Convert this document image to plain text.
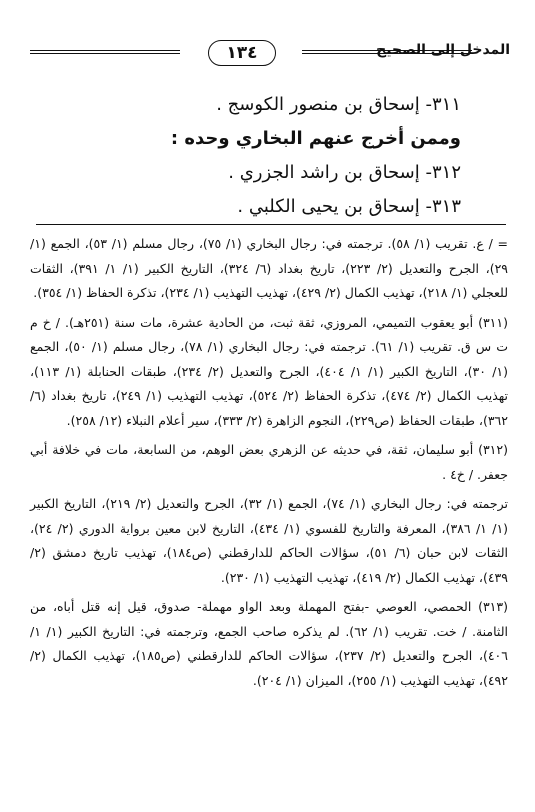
١٣٤	المدخل إلى الصحيح
٣١١- إسحاق بن منصور الكوسج .
وممن أخرج عنهم البخاري وحده :
٣١٢- إسحاق بن راشد الجزري .
٣١٣- إسحاق بن يحيى الكلبي .

= / ع. تقريب (١/ ٥٨). ترجمته في: رجال البخاري (١/ ٧٥)، رجال مسلم (١/ ٥٣)، الجمع (١/ ٢٩)، الجرح والتعديل (٢/ ٢٢٣)، تاريخ بغداد (٦/ ٣٢٤)، التاريخ الكبير (١/ ١/ ٣٩١)، الثقات للعجلي (١/ ٢١٨)، تهذيب الكمال (٢/ ٤٢٩)، تهذيب التهذيب (١/ ٢٣٤)، تذكرة الحفاظ (١/ ٣٥٤).

(٣١١) أبو يعقوب التميمي، المروزي، ثقة ثبت، من الحادية عشرة، مات سنة (٢٥١هـ). / خ م ت س ق. تقريب (١/ ٦١). ترجمته في: رجال البخاري (١/ ٧٨)، رجال مسلم (١/ ٥٠)، الجمع (١/ ٣٠)، التاريخ الكبير (١/ ١/ ٤٠٤)، الجرح والتعديل (٢/ ٢٣٤)، طبقات الحنابلة (١/ ١١٣)، تهذيب الكمال (٢/ ٤٧٤)، تذكرة الحفاظ (٢/ ٥٢٤)، تهذيب التهذيب (١/ ٢٤٩)، تاريخ بغداد (٦/ ٣٦٢)، طبقات الحفاظ (ص٢٢٩)، النجوم الزاهرة (٢/ ٣٣٣)، سير أعلام النبلاء (١٢/ ٢٥٨).

(٣١٢) أبو سليمان، ثقة، في حديثه عن الزهري بعض الوهم، من السابعة، مات في خلافة أبي جعفر. / خ٤ .

ترجمته في: رجال البخاري (١/ ٧٤)، الجمع (١/ ٣٢)، الجرح والتعديل (٢/ ٢١٩)، التاريخ الكبير (١/ ١/ ٣٨٦)، المعرفة والتاريخ للفسوي (١/ ٤٣٤)، التاريخ لابن معين برواية الدوري (٢/ ٢٤)، الثقات لابن حبان (٦/ ٥١)، سؤالات الحاكم للدارقطني (ص١٨٤)، تهذيب تاريخ دمشق (٢/ ٤٣٩)، تهذيب الكمال (٢/ ٤١٩)، تهذيب التهذيب (١/ ٢٣٠).

(٣١٣) الحمصي، العوصي -بفتح المهملة وبعد الواو مهملة- صدوق، قيل إنه قتل أباه، من الثامنة. / خت. تقريب (١/ ٦٢). لم يذكره صاحب الجمع، وترجمته في: التاريخ الكبير (١/ ١/ ٤٠٦)، الجرح والتعديل (٢/ ٢٣٧)، سؤالات الحاكم للدارقطني (ص١٨٥)، تهذيب الكمال (٢/ ٤٩٢)، تهذيب التهذيب (١/ ٢٥٥)، الميزان (١/ ٢٠٤).
